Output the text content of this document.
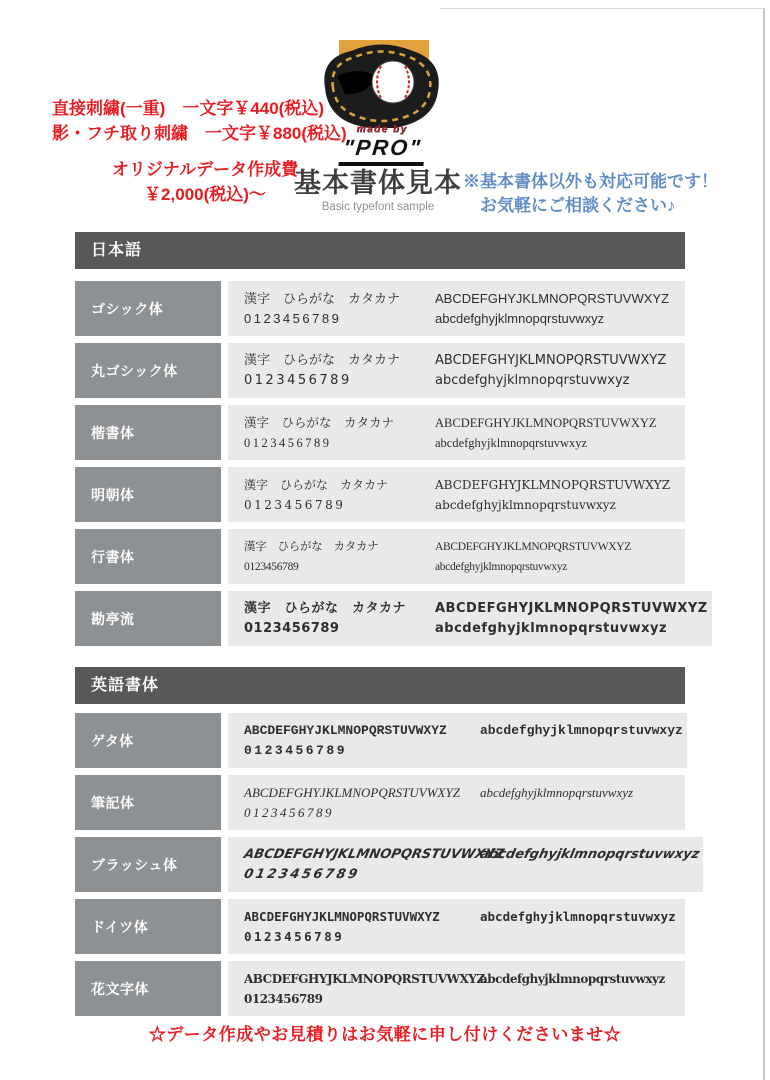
直接刺繍(一重)　一文字￥440(税込)
影・フチ取り刺繍　一文字￥880(税込)
オリジナルデータ作成費
￥2,000(税込)～
made by
"PRO"
基本書体見本
Basic typefont sample
※基本書体以外も対応可能です！
お気軽にご相談ください♪
日本語
ゴシック体
漢字　ひらがな　カタカナ
0123456789
ABCDEFGHYJKLMNOPQRSTUVWXYZ
abcdefghyjklmnopqrstuvwxyz
丸ゴシック体
漢字　ひらがな　カタカナ
0123456789
ABCDEFGHYJKLMNOPQRSTUVWXYZ
abcdefghyjklmnopqrstuvwxyz
楷書体
漢字　ひらがな　カタカナ
0123456789
ABCDEFGHYJKLMNOPQRSTUVWXYZ
abcdefghyjklmnopqrstuvwxyz
明朝体
漢字　ひらがな　カタカナ
0123456789
ABCDEFGHYJKLMNOPQRSTUVWXYZ
abcdefghyjklmnopqrstuvwxyz
行書体
漢字　ひらがな　カタカナ
0123456789
ABCDEFGHYJKLMNOPQRSTUVWXYZ
abcdefghyjklmnopqrstuvwxyz
勘亭流
漢字　ひらがな　カタカナ
0123456789
ABCDEFGHYJKLMNOPQRSTUVWXYZ
abcdefghyjklmnopqrstuvwxyz
英語書体
ゲタ体
ABCDEFGHYJKLMNOPQRSTUVWXYZ
0123456789
abcdefghyjklmnopqrstuvwxyz
筆記体
ABCDEFGHYJKLMNOPQRSTUVWXYZ
0123456789
abcdefghyjklmnopqrstuvwxyz
ブラッシュ体
ABCDEFGHYJKLMNOPQRSTUVWXYZ
0123456789
abcdefghyjklmnopqrstuvwxyz
ドイツ体
ABCDEFGHYJKLMNOPQRSTUVWXYZ
0123456789
abcdefghyjklmnopqrstuvwxyz
花文字体
ABCDEFGHYJKLMNOPQRSTUVWXYZ
0123456789
abcdefghyjklmnopqrstuvwxyz
☆データ作成やお見積りはお気軽に申し付けくださいませ☆
